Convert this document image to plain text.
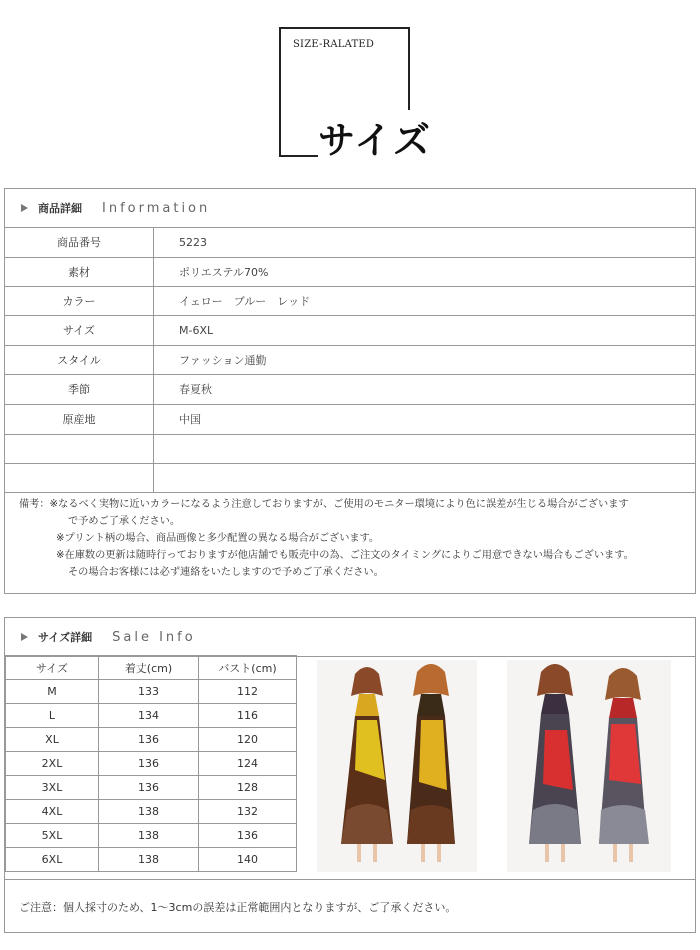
SIZE-RALATED
サイズ
商品詳細 Information
商品番号	5223
素材	ポリエステル70%
カラー	イェロー　ブルー　レッド
サイズ	M-6XL
スタイル	ファッション通勤
季節	春夏秋
原産地	中国
備考：※なるべく実物に近いカラーになるよう注意しておりますが、ご使用のモニター環境により色に誤差が生じる場合がございます
で予めご了承ください。
※プリント柄の場合、商品画像と多少配置の異なる場合がございます。
※在庫数の更新は随時行っておりますが他店舗でも販売中の為、ご注文のタイミングによりご用意できない場合もございます。
その場合お客様には必ず連絡をいたしますので予めご了承ください。
サイズ詳細 Sale Info
サイズ	着丈(cm)	バスト(cm)
M	133	112
L	134	116
XL	136	120
2XL	136	124
3XL	136	128
4XL	138	132
5XL	138	136
6XL	138	140
ご注意：個人採寸のため、1～3cmの誤差は正常範囲内となりますが、ご了承ください。
